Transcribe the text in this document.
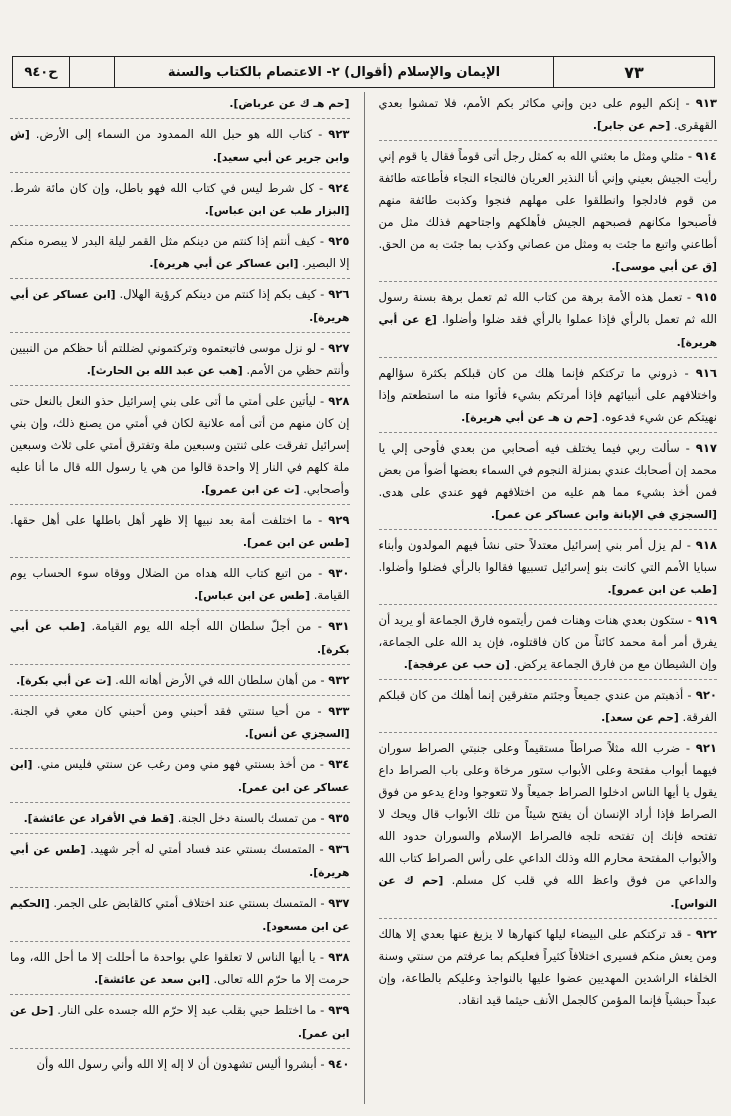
ح٩٤٠	الإيمان والإسلام (أقوال) ٢- الاعتصام بالكتاب والسنة	٧٣
٩١٣ - إنكم اليوم على دين وإني مكاثر بكم الأمم، فلا تمشوا بعدي القهقرى. [حم عن جابر].
٩١٤ - مثلي ومثل ما بعثني الله به كمثل رجل أتى قوماً فقال يا قوم إني رأيت الجيش بعيني وإني أنا النذير العريان فالنجاء النجاء فأطاعته طائفة من قوم فادلجوا وانطلقوا على مهلهم فنجوا وكذبت طائفة منهم فأصبحوا مكانهم فصبحهم الجيش فأهلكهم واجتاحهم فذلك مثل من أطاعني واتبع ما جئت به ومثل من عصاني وكذب بما جئت به من الحق. [ق عن أبي موسى].
٩١٥ - تعمل هذه الأمة برهة من كتاب الله ثم تعمل برهة بسنة رسول الله ثم تعمل بالرأي فإذا عملوا بالرأي فقد ضلوا وأضلوا. [ع عن أبي هريرة].
٩١٦ - ذروني ما تركتكم فإنما هلك من كان قبلكم بكثرة سؤالهم واختلافهم على أنبيائهم فإذا أمرتكم بشيء فأتوا منه ما استطعتم وإذا نهيتكم عن شيء فدعوه. [حم ن هـ عن أبي هريرة].
٩١٧ - سألت ربي فيما يختلف فيه أصحابي من بعدي فأوحى إلي يا محمد إن أصحابك عندي بمنزلة النجوم في السماء بعضها أضوأ من بعض فمن أخذ بشيء مما هم عليه من اختلافهم فهو عندي على هدى. [السجزي في الإبانة وابن عساكر عن عمر].
٩١٨ - لم يزل أمر بني إسرائيل معتدلاً حتى نشأ فيهم المولدون وأبناء سبايا الأمم التي كانت بنو إسرائيل تسبيها فقالوا بالرأي فضلوا وأضلوا. [طب عن ابن عمرو].
٩١٩ - ستكون بعدي هنات وهنات فمن رأيتموه فارق الجماعة أو يريد أن يفرق أمر أمة محمد كائناً من كان فاقتلوه، فإن يد الله على الجماعة، وإن الشيطان مع من فارق الجماعة يركض. [ن حب عن عرفجة].
٩٢٠ - أذهبتم من عندي جميعاً وجئتم متفرقين إنما أهلك من كان قبلكم الفرقة. [حم عن سعد].
٩٢١ - ضرب الله مثلاً صراطاً مستقيماً وعلى جنبتي الصراط سوران فيهما أبواب مفتحة وعلى الأبواب ستور مرخاة وعلى باب الصراط داع يقول يا أيها الناس ادخلوا الصراط جميعاً ولا تتعوجوا وداع يدعو من فوق الصراط فإذا أراد الإنسان أن يفتح شيئاً من تلك الأبواب قال ويحك لا تفتحه فإنك إن تفتحه تلجه فالصراط الإسلام والسوران حدود الله والأبواب المفتحة محارم الله وذلك الداعي على رأس الصراط كتاب الله والداعي من فوق واعظ الله في قلب كل مسلم. [حم ك عن النواس].
٩٢٢ - قد تركتكم على البيضاء ليلها كنهارها لا يزيغ عنها بعدي إلا هالك ومن يعش منكم فسيرى اختلافاً كثيراً فعليكم بما عرفتم من سنتي وسنة الخلفاء الراشدين المهديين عضوا عليها بالنواجذ وعليكم بالطاعة، وإن عبداً حبشياً فإنما المؤمن كالجمل الأنف حيثما قيد انقاد.
[حم هـ ك عن عرباض].
٩٢٣ - كتاب الله هو حبل الله الممدود من السماء إلى الأرض. [ش وابن جرير عن أبي سعيد].
٩٢٤ - كل شرط ليس في كتاب الله فهو باطل، وإن كان مائة شرط. [البزار طب عن ابن عباس].
٩٢٥ - كيف أنتم إذا كنتم من دينكم مثل القمر ليلة البدر لا يبصره منكم إلا البصير. [ابن عساكر عن أبي هريرة].
٩٢٦ - كيف بكم إذا كنتم من دينكم كرؤية الهلال. [ابن عساكر عن أبي هريرة].
٩٢٧ - لو نزل موسى فاتبعتموه وتركتموني لضللتم أنا حظكم من النبيين وأنتم حظي من الأمم. [هب عن عبد الله بن الحارث].
٩٢٨ - ليأتين على أمتي ما أتى على بني إسرائيل حذو النعل بالنعل حتى إن كان منهم من أتى أمه علانية لكان في أمتي من يصنع ذلك، وإن بني إسرائيل تفرقت على ثنتين وسبعين ملة وتفترق أمتي على ثلاث وسبعين ملة كلهم في النار إلا واحدة قالوا من هي يا رسول الله قال ما أنا عليه وأصحابي. [ت عن ابن عمرو].
٩٢٩ - ما اختلفت أمة بعد نبيها إلا ظهر أهل باطلها على أهل حقها. [طس عن ابن عمر].
٩٣٠ - من اتبع كتاب الله هداه من الضلال ووقاه سوء الحساب يوم القيامة. [طس عن ابن عباس].
٩٣١ - من أجلّ سلطان الله أجله الله يوم القيامة. [طب عن أبي بكرة].
٩٣٢ - من أهان سلطان الله في الأرض أهانه الله. [ت عن أبي بكرة].
٩٣٣ - من أحيا سنتي فقد أحبني ومن أحبني كان معي في الجنة. [السجزي عن أنس].
٩٣٤ - من أخذ بسنتي فهو مني ومن رغب عن سنتي فليس مني. [ابن عساكر عن ابن عمر].
٩٣٥ - من تمسك بالسنة دخل الجنة. [قط في الأفراد عن عائشة].
٩٣٦ - المتمسك بسنتي عند فساد أمتي له أجر شهيد. [طس عن أبي هريرة].
٩٣٧ - المتمسك بسنتي عند اختلاف أمتي كالقابض على الجمر. [الحكيم عن ابن مسعود].
٩٣٨ - يا أيها الناس لا تعلقوا علي بواحدة ما أحللت إلا ما أحل الله، وما حرمت إلا ما حرّم الله تعالى. [ابن سعد عن عائشة].
٩٣٩ - ما اختلط حبي بقلب عبد إلا حرّم الله جسده على النار. [حل عن ابن عمر].
٩٤٠ - أبشروا أليس تشهدون أن لا إله إلا الله وأني رسول الله وأن
